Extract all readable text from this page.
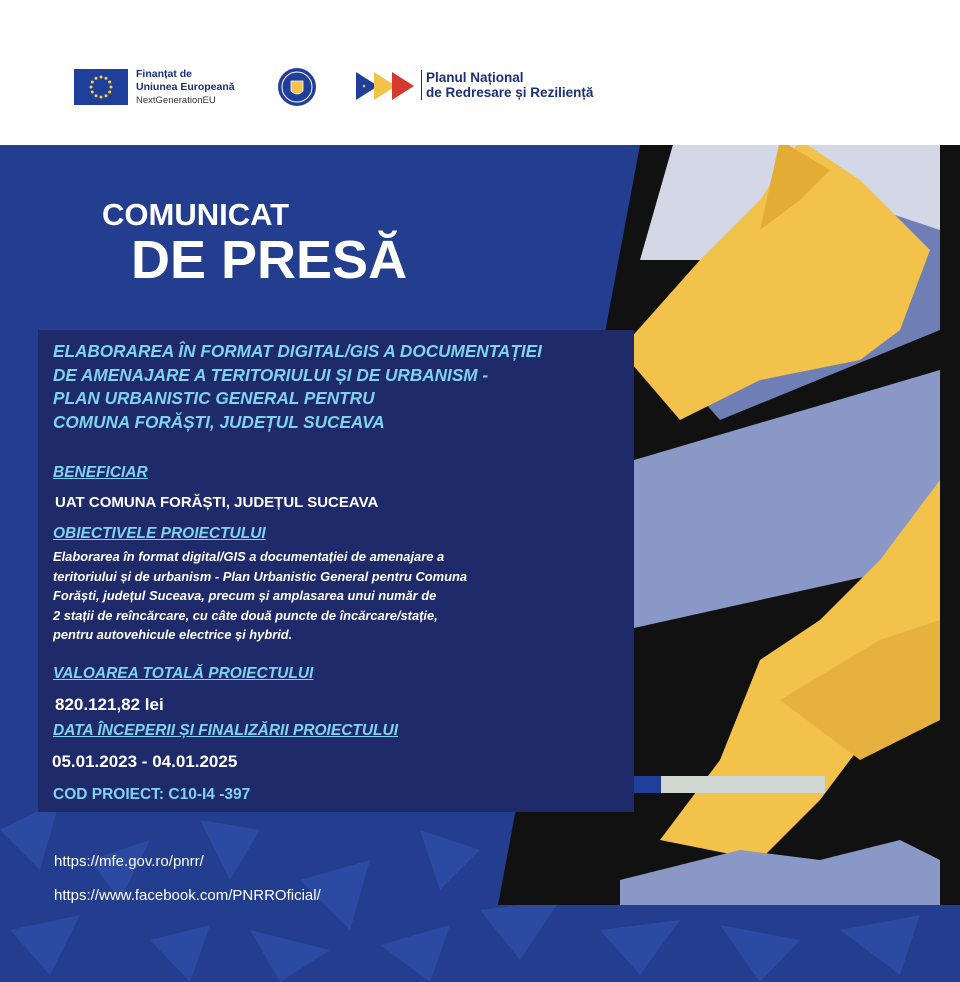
Finanțat de
Uniunea Europeană
NextGenerationEU
Planul Național
de Redresare și Reziliență
COMUNICAT
DE PRESĂ
ELABORAREA ÎN FORMAT DIGITAL/GIS A DOCUMENTAȚIEI
DE AMENAJARE A TERITORIULUI ȘI DE URBANISM -
PLAN URBANISTIC GENERAL PENTRU
COMUNA FORĂȘTI, JUDEȚUL SUCEAVA
BENEFICIAR
UAT COMUNA FORĂȘTI, JUDEȚUL SUCEAVA
OBIECTIVELE PROIECTULUI
Elaborarea în format digital/GIS a documentației de amenajare a
teritoriului și de urbanism - Plan Urbanistic General pentru Comuna
Forăști, județul Suceava, precum și amplasarea unui număr de
2 stații de reîncărcare, cu câte două puncte de încărcare/stație,
pentru autovehicule electrice și hybrid.
VALOAREA TOTALĂ PROIECTULUI
820.121,82 lei
DATA ÎNCEPERII ȘI FINALIZĂRII PROIECTULUI
05.01.2023 - 04.01.2025
COD PROIECT: C10-I4 -397
https://mfe.gov.ro/pnrr/
https://www.facebook.com/PNRROficial/
